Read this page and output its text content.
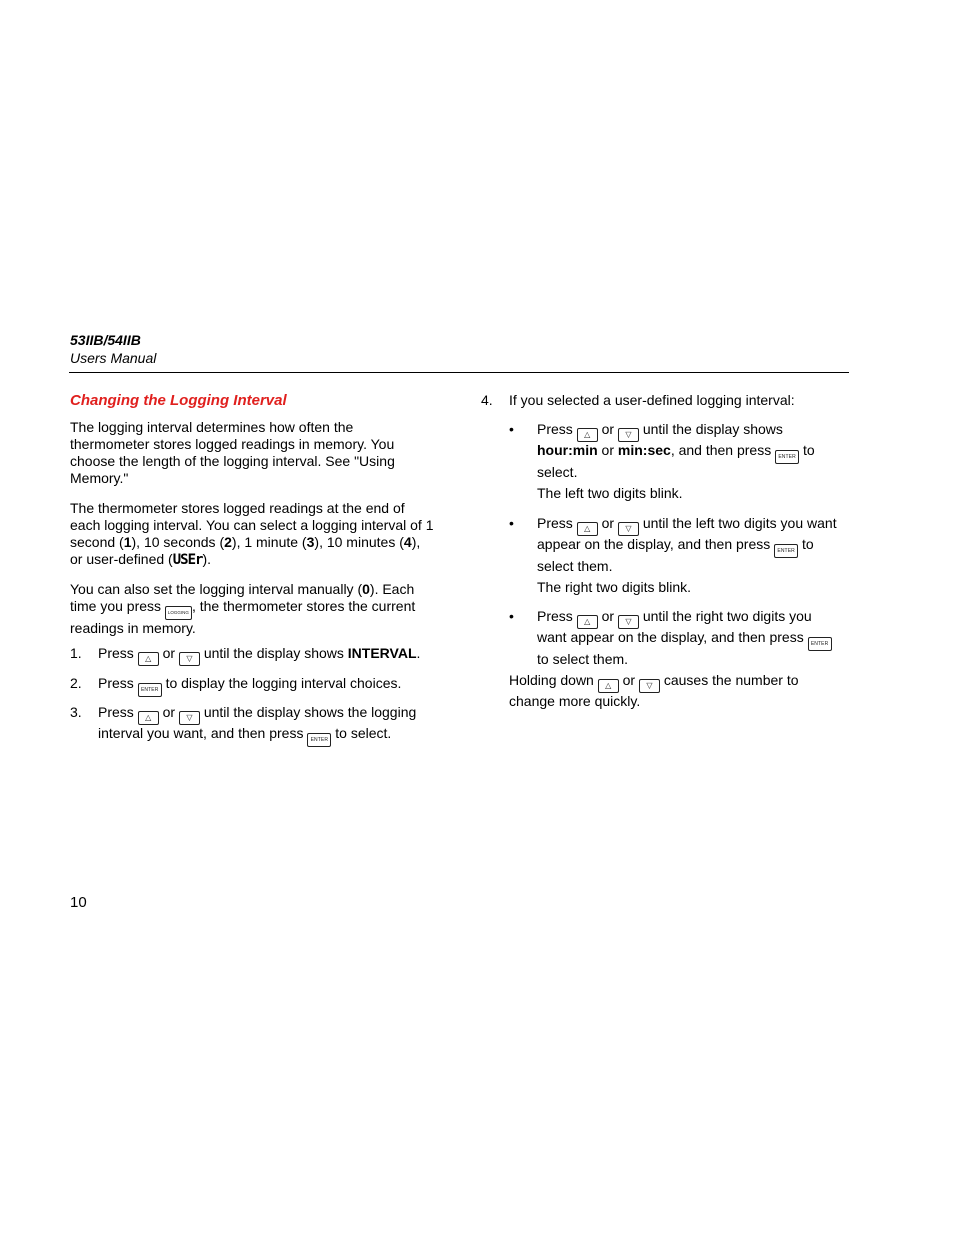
53IIB/54IIB
Users Manual
Changing the Logging Interval

The logging interval determines how often the thermometer stores logged readings in memory. You choose the length of the logging interval. See "Using Memory."

The thermometer stores logged readings at the end of each logging interval. You can select a logging interval of 1 second (1), 10 seconds (2), 1 minute (3), 10 minutes (4), or user-defined (USEr).

You can also set the logging interval manually (0). Each time you press LOGGING , the thermometer stores the current readings in memory.

1. Press △ or ▽ until the display shows INTERVAL.
2. Press ENTER to display the logging interval choices.
3. Press △ or ▽ until the display shows the logging interval you want, and then press ENTER to select.
4. If you selected a user-defined logging interval:
• Press △ or ▽ until the display shows hour:min or min:sec, and then press ENTER to select.
The left two digits blink.
• Press △ or ▽ until the left two digits you want appear on the display, and then press ENTER to select them.
The right two digits blink.
• Press △ or ▽ until the right two digits you want appear on the display, and then press ENTER to select them.
Holding down △ or ▽ causes the number to change more quickly.
10
